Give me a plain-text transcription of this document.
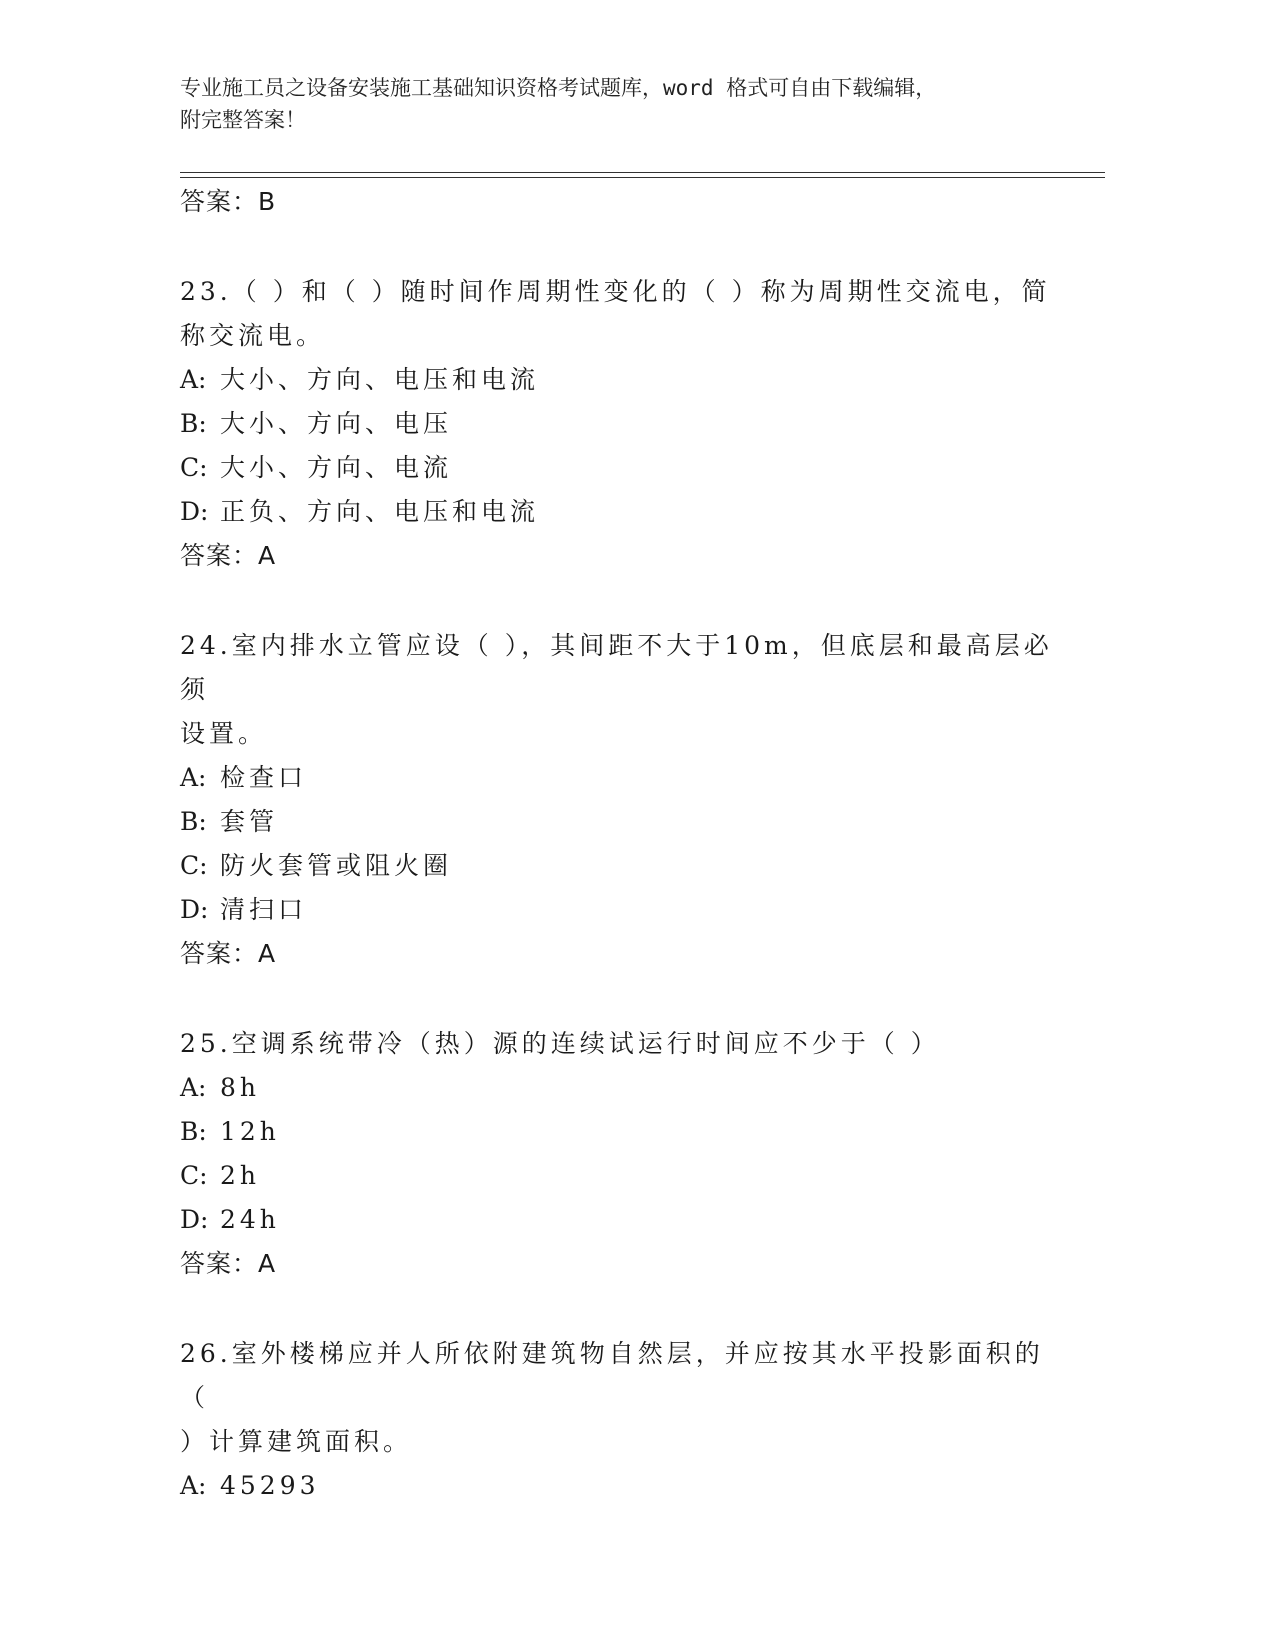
专业施工员之设备安装施工基础知识资格考试题库，word 格式可自由下载编辑，
附完整答案！
答案：B
23.（ ）和（ ）随时间作周期性变化的（ ）称为周期性交流电，简
称交流电。
A: 大小、方向、电压和电流
B: 大小、方向、电压
C: 大小、方向、电流
D: 正负、方向、电压和电流
答案：A
24.室内排水立管应设（ ），其间距不大于10m，但底层和最高层必须
设置。
A: 检查口
B: 套管
C: 防火套管或阻火圈
D: 清扫口
答案：A
25.空调系统带冷（热）源的连续试运行时间应不少于（ ）
A: 8h
B: 12h
C: 2h
D: 24h
答案：A
26.室外楼梯应并人所依附建筑物自然层，并应按其水平投影面积的（
）计算建筑面积。
A: 45293
